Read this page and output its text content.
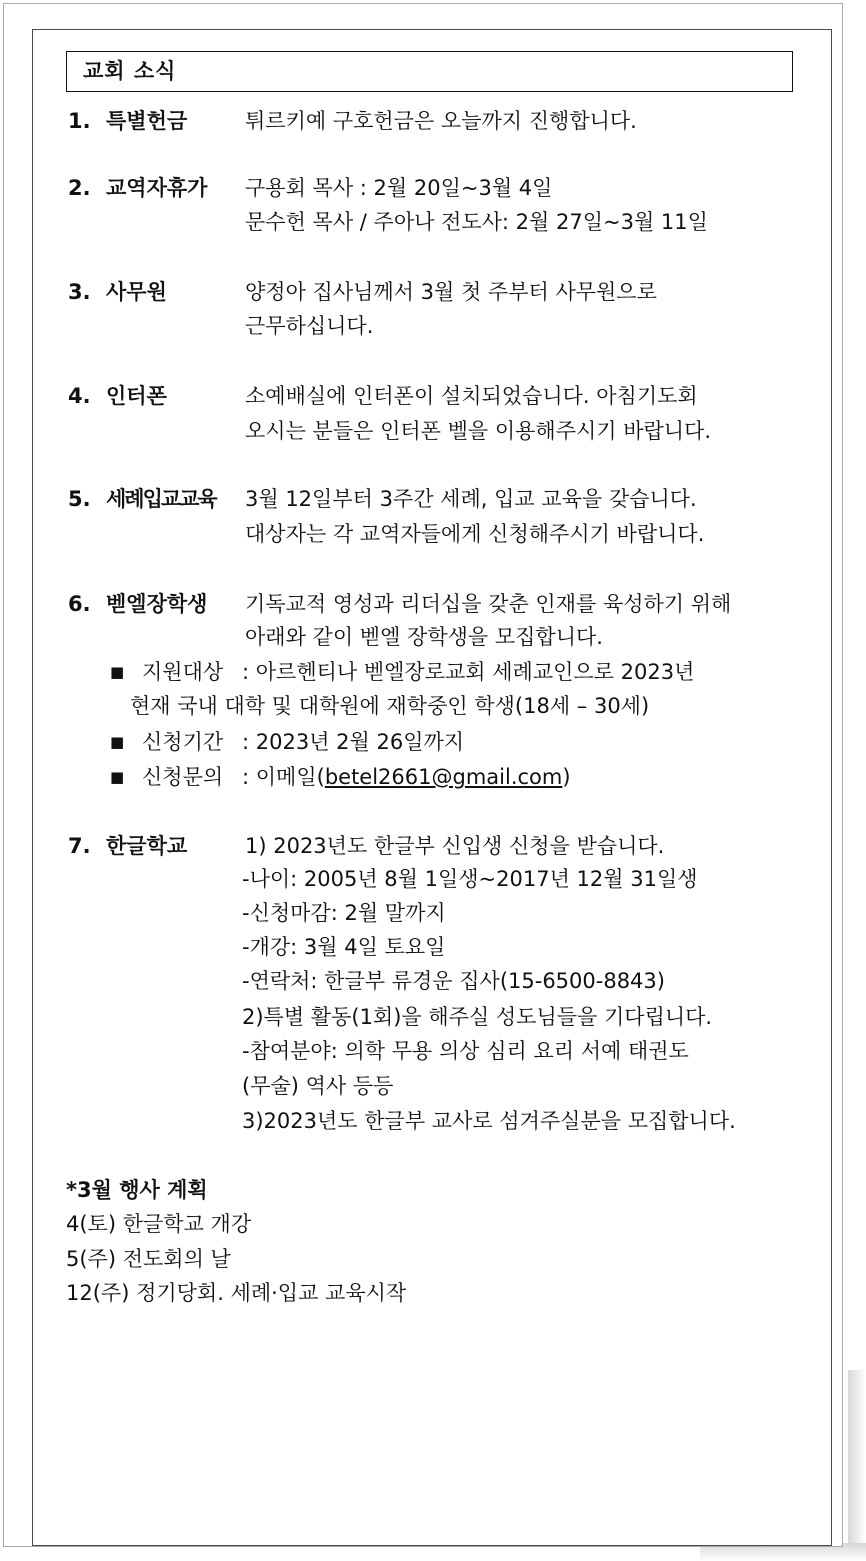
교회 소식
1. 특별헌금	튀르키예 구호헌금은 오늘까지 진행합니다.
2. 교역자휴가 구용회 목사 : 2월 20일~3월 4일
문수헌 목사 / 주아나 전도사: 2월 27일~3월 11일
3. 사무원	양정아 집사님께서 3월 첫 주부터 사무원으로
근무하십니다.
4. 인터폰	소예배실에 인터폰이 설치되었습니다. 아침기도회
오시는 분들은 인터폰 벨을 이용해주시기 바랍니다.
5. 세례입교교육 3월 12일부터 3주간 세례, 입교 교육을 갖습니다.
대상자는 각 교역자들에게 신청해주시기 바랍니다.
6. 벧엘장학생 기독교적 영성과 리더십을 갖춘 인재를 육성하기 위해
아래와 같이 벧엘 장학생을 모집합니다.
■ 지원대상 : 아르헨티나 벧엘장로교회 세례교인으로 2023년
현재 국내 대학 및 대학원에 재학중인 학생(18세 – 30세)
■ 신청기간 : 2023년 2월 26일까지
■ 신청문의 : 이메일(betel2661@gmail.com)
7. 한글학교	1) 2023년도 한글부 신입생 신청을 받습니다.
-나이: 2005년 8월 1일생~2017년 12월 31일생
-신청마감: 2월 말까지
-개강: 3월 4일 토요일
-연락처: 한글부 류경운 집사(15-6500-8843)
2)특별 활동(1회)을 해주실 성도님들을 기다립니다.
-참여분야: 의학 무용 의상 심리 요리 서예 태권도
(무술) 역사 등등
3)2023년도 한글부 교사로 섬겨주실분을 모집합니다.
*3월 행사 계획
4(토) 한글학교 개강
5(주) 전도회의 날
12(주) 정기당회. 세례·입교 교육시작
